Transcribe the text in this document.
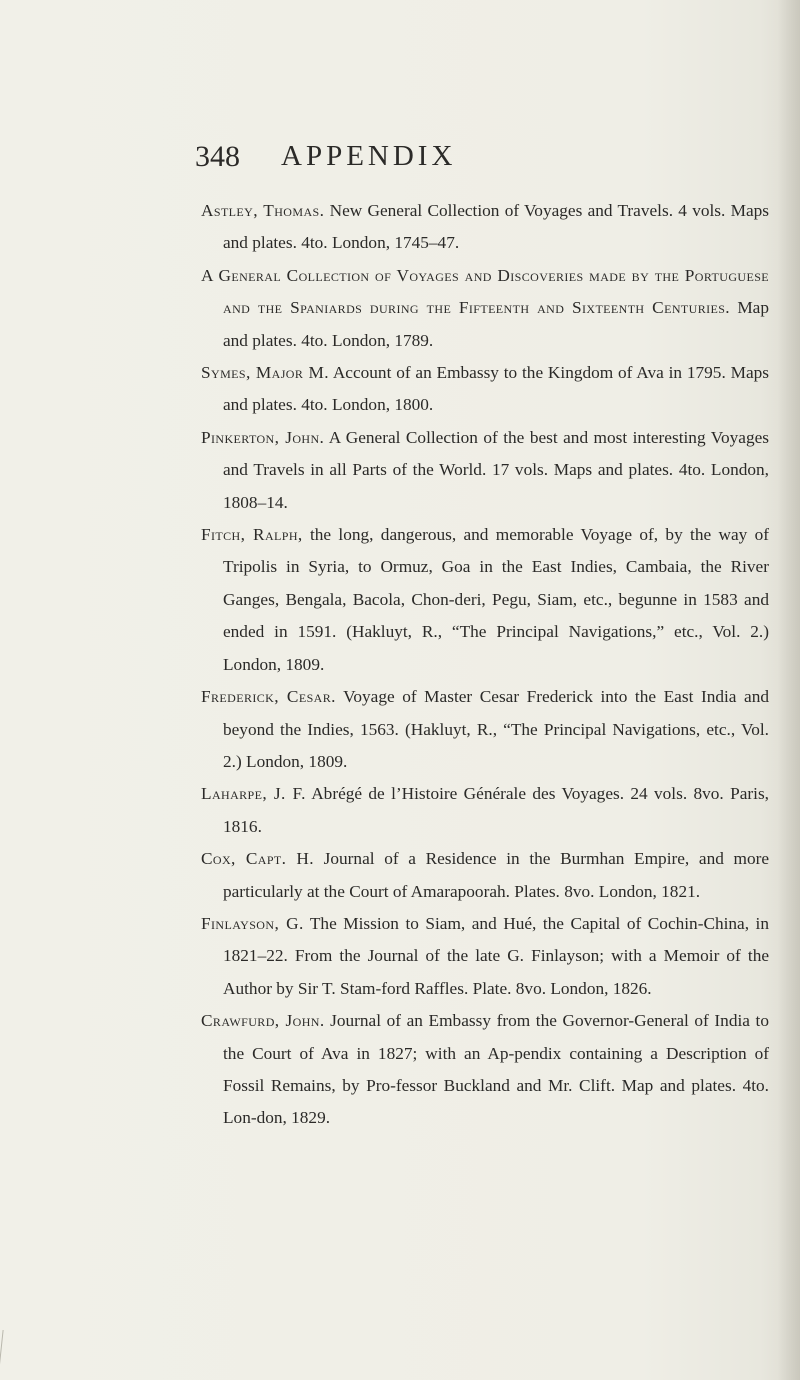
348 APPENDIX

Astley, Thomas. New General Collection of Voyages and Travels. 4 vols. Maps and plates. 4to. London, 1745–47.

A General Collection of Voyages and Discoveries made by the Portuguese and the Spaniards during the Fifteenth and Sixteenth Centuries. Map and plates. 4to. London, 1789.

Symes, Major M. Account of an Embassy to the Kingdom of Ava in 1795. Maps and plates. 4to. London, 1800.

Pinkerton, John. A General Collection of the best and most interesting Voyages and Travels in all Parts of the World. 17 vols. Maps and plates. 4to. London, 1808–14.

Fitch, Ralph, the long, dangerous, and memorable Voyage of, by the way of Tripolis in Syria, to Ormuz, Goa in the East Indies, Cambaia, the River Ganges, Bengala, Bacola, Chon-deri, Pegu, Siam, etc., begunne in 1583 and ended in 1591. (Hakluyt, R., “The Principal Navigations,” etc., Vol. 2.) London, 1809.

Frederick, Cesar. Voyage of Master Cesar Frederick into the East India and beyond the Indies, 1563. (Hakluyt, R., “The Principal Navigations, etc., Vol. 2.) London, 1809.

Laharpe, J. F. Abrégé de l’Histoire Générale des Voyages. 24 vols. 8vo. Paris, 1816.

Cox, Capt. H. Journal of a Residence in the Burmhan Empire, and more particularly at the Court of Amarapoorah. Plates. 8vo. London, 1821.

Finlayson, G. The Mission to Siam, and Hué, the Capital of Cochin-China, in 1821–22. From the Journal of the late G. Finlayson; with a Memoir of the Author by Sir T. Stam-ford Raffles. Plate. 8vo. London, 1826.

Crawfurd, John. Journal of an Embassy from the Governor-General of India to the Court of Ava in 1827; with an Ap-pendix containing a Description of Fossil Remains, by Pro-fessor Buckland and Mr. Clift. Map and plates. 4to. Lon-don, 1829.
